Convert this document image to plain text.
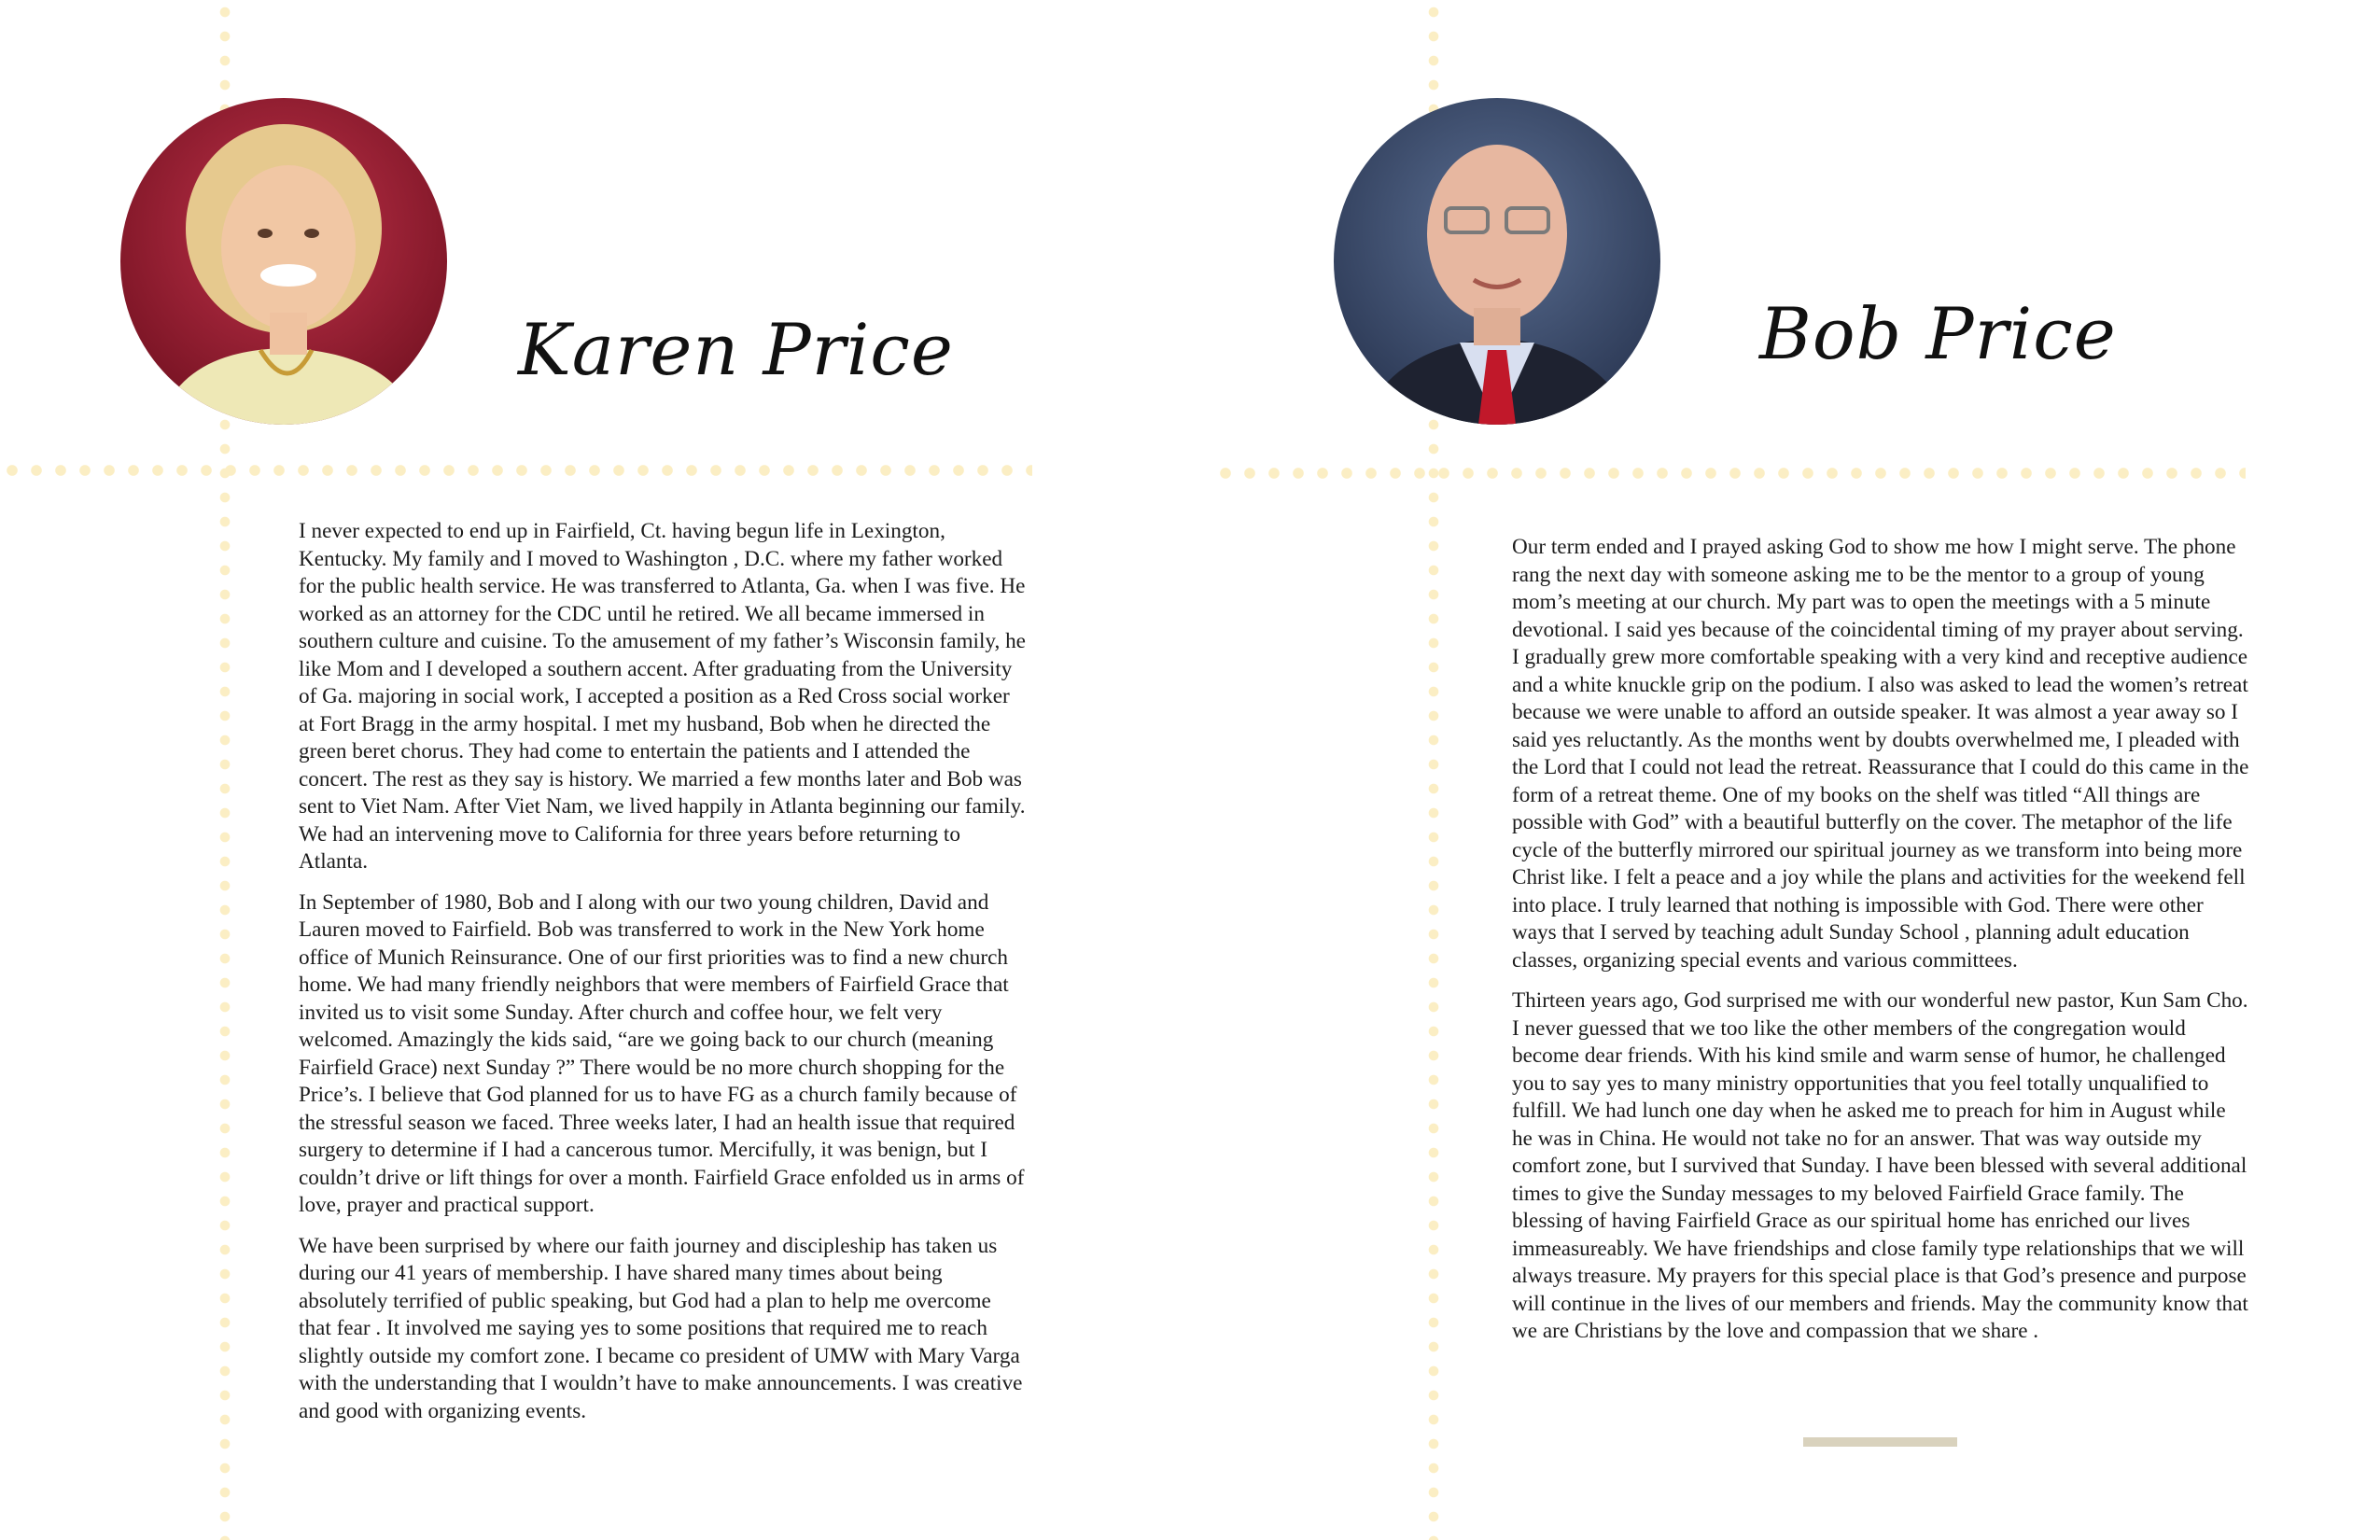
Karen Price	Bob Price

I never expected to end up in Fairfield, Ct. having begun life in Lexington, Kentucky. My family and I moved to Washington , D.C. where my father worked for the public health service. He was transferred to Atlanta, Ga. when I was five. He worked as an attorney for the CDC until he retired. We all became immersed in southern culture and cuisine. To the amusement of my father’s Wisconsin family, he like Mom and I developed a southern accent. After graduating from the University of Ga. majoring in social work, I accepted a position as a Red Cross social worker at Fort Bragg in the army hospital. I met my husband, Bob when he directed the green beret chorus. They had come to entertain the patients and I attended the concert. The rest as they say is history. We married a few months later and Bob was sent to Viet Nam. After Viet Nam, we lived happily in Atlanta beginning our family. We had an intervening move to California for three years before returning to Atlanta.

In September of 1980, Bob and I along with our two young children, David and Lauren moved to Fairfield. Bob was transferred to work in the New York home office of Munich Reinsurance. One of our first priorities was to find a new church home. We had many friendly neighbors that were members of Fairfield Grace that invited us to visit some Sunday. After church and coffee hour, we felt very welcomed. Amazingly the kids said, “are we going back to our church (meaning Fairfield Grace) next Sunday ?” There would be no more church shopping for the Price’s. I believe that God planned for us to have FG as a church family because of the stressful season we faced. Three weeks later, I had an health issue that required surgery to determine if I had a cancerous tumor. Mercifully, it was benign, but I couldn’t drive or lift things for over a month. Fairfield Grace enfolded us in arms of love, prayer and practical support.

We have been surprised by where our faith journey and discipleship has taken us during our 41 years of membership. I have shared many times about being absolutely terrified of public speaking, but God had a plan to help me overcome that fear . It involved me saying yes to some positions that required me to reach slightly outside my comfort zone. I became co president of UMW with Mary Varga with the understanding that I wouldn’t have to make announcements. I was creative and good with organizing events.

Our term ended and I prayed asking God to show me how I might serve. The phone rang the next day with someone asking me to be the mentor to a group of young mom’s meeting at our church. My part was to open the meetings with a 5 minute devotional. I said yes because of the coincidental timing of my prayer about serving. I gradually grew more comfortable speaking with a very kind and receptive audience and a white knuckle grip on the podium. I also was asked to lead the women’s retreat because we were unable to afford an outside speaker. It was almost a year away so I said yes reluctantly. As the months went by doubts overwhelmed me, I pleaded with the Lord that I could not lead the retreat. Reassurance that I could do this came in the form of a retreat theme. One of my books on the shelf was titled “All things are possible with God” with a beautiful butterfly on the cover. The metaphor of the life cycle of the butterfly mirrored our spiritual journey as we transform into being more Christ like. I felt a peace and a joy while the plans and activities for the weekend fell into place. I truly learned that nothing is impossible with God. There were other ways that I served by teaching adult Sunday School , planning adult education classes, organizing special events and various committees.

Thirteen years ago, God surprised me with our wonderful new pastor, Kun Sam Cho. I never guessed that we too like the other members of the congregation would become dear friends. With his kind smile and warm sense of humor, he challenged you to say yes to many ministry opportunities that you feel totally unqualified to fulfill. We had lunch one day when he asked me to preach for him in August while he was in China. He would not take no for an answer. That was way outside my comfort zone, but I survived that Sunday. I have been blessed with several additional times to give the Sunday messages to my beloved Fairfield Grace family. The blessing of having Fairfield Grace as our spiritual home has enriched our lives immeasureably. We have friendships and close family type relationships that we will always treasure. My prayers for this special place is that God’s presence and purpose will continue in the lives of our members and friends. May the community know that we are Christians by the love and compassion that we share .
